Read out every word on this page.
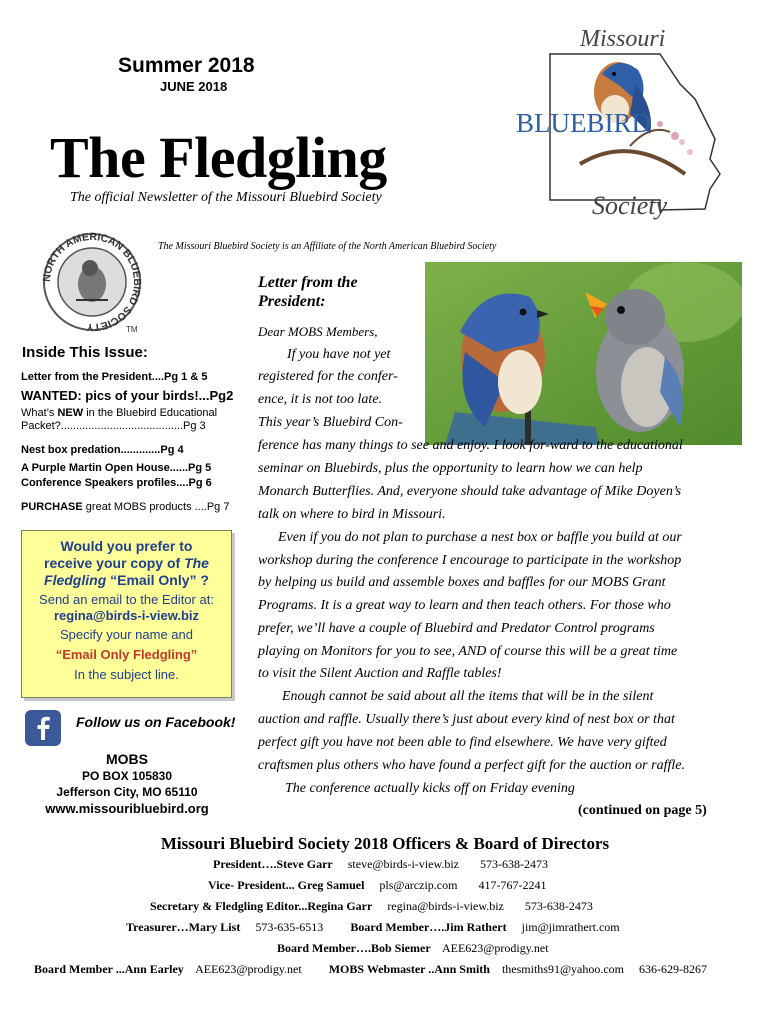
Summer 2018
JUNE 2018
The Fledgling
The official Newsletter of the Missouri Bluebird Society
The Missouri Bluebird Society is an Affiliate of the North American Bluebird Society
Missouri
BLUEBIRD
Society
NORTH AMERICAN BLUEBIRD SOCIETY	TM
Inside This Issue:
Letter from the President....Pg 1 & 5
WANTED: pics of your birds!...Pg2
What’s NEW in the Bluebird Educational
Packet?........................................Pg 3
Nest box predation.............Pg 4
A Purple Martin Open House......Pg 5
Conference Speakers profiles....Pg 6
PURCHASE great MOBS products ....Pg 7
Would you prefer to
receive your copy of The
Fledgling “Email Only” ?
Send an email to the Editor at:
regina@birds-i-view.biz
Specify your name and
“Email Only Fledgling”
In the subject line.
Follow us on Facebook!
MOBS
PO BOX 105830
Jefferson City, MO 65110
www.missouribluebird.org
Letter from the
President:
Dear MOBS Members,
If you have not yet
registered for the confer-
ence, it is not too late.
This year’s Bluebird Con-
ference has many things to see and enjoy. I look for-ward to the educational
seminar on Bluebirds, plus the opportunity to learn how we can help
Monarch Butterflies. And, everyone should take advantage of Mike Doyen’s
talk on where to bird in Missouri.
Even if you do not plan to purchase a nest box or baffle you build at our
workshop during the conference I encourage to participate in the workshop
by helping us build and assemble boxes and baffles for our MOBS Grant
Programs. It is a great way to learn and then teach others. For those who
prefer, we’ll have a couple of Bluebird and Predator Control programs
playing on Monitors for you to see, AND of course this will be a great time
to visit the Silent Auction and Raffle tables!
Enough cannot be said about all the items that will be in the silent
auction and raffle. Usually there’s just about every kind of nest box or that
perfect gift you have not been able to find elsewhere. We have very gifted
craftsmen plus others who have found a perfect gift for the auction or raffle.
The conference actually kicks off on Friday evening
(continued on page 5)
Missouri Bluebird Society 2018 Officers & Board of Directors
President….Steve Garr steve@birds-i-view.biz 573-638-2473
Vice- President... Greg Samuel pls@arczip.com 417-767-2241
Secretary & Fledgling Editor...Regina Garr regina@birds-i-view.biz 573-638-2473
Treasurer…Mary List 573-635-6513 Board Member….Jim Rathert jim@jimrathert.com
Board Member….Bob Siemer AEE623@prodigy.net
Board Member ...Ann Earley AEE623@prodigy.net MOBS Webmaster ..Ann Smith thesmiths91@yahoo.com 636-629-8267
